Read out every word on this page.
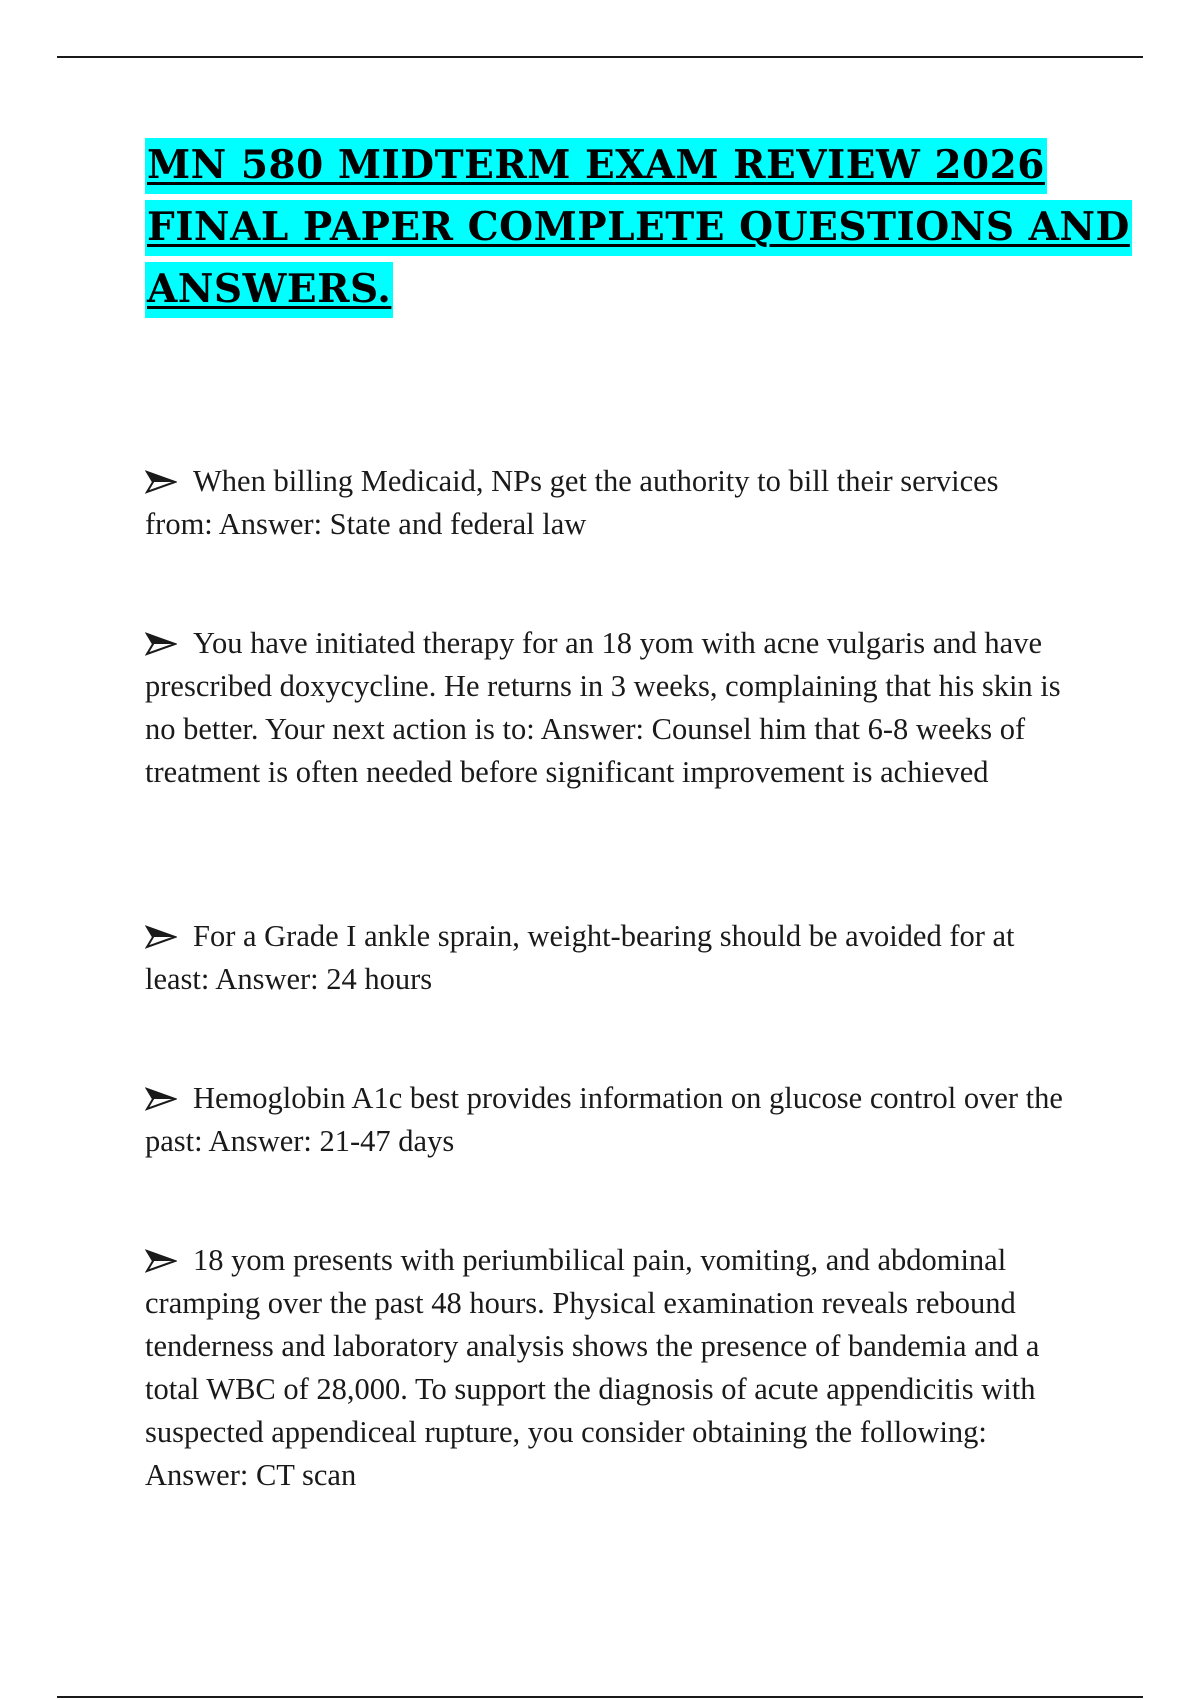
MN 580 MIDTERM EXAM REVIEW 2026
FINAL PAPER COMPLETE QUESTIONS AND
ANSWERS.
When billing Medicaid, NPs get the authority to bill their services from: Answer: State and federal law
You have initiated therapy for an 18 yom with acne vulgaris and have prescribed doxycycline. He returns in 3 weeks, complaining that his skin is no better. Your next action is to: Answer: Counsel him that 6-8 weeks of treatment is often needed before significant improvement is achieved
For a Grade I ankle sprain, weight-bearing should be avoided for at least: Answer: 24 hours
Hemoglobin A1c best provides information on glucose control over the past: Answer: 21-47 days
18 yom presents with periumbilical pain, vomiting, and abdominal cramping over the past 48 hours. Physical examination reveals rebound tenderness and laboratory analysis shows the presence of bandemia and a total WBC of 28,000. To support the diagnosis of acute appendicitis with suspected appendiceal rupture, you consider obtaining the following: Answer: CT scan
